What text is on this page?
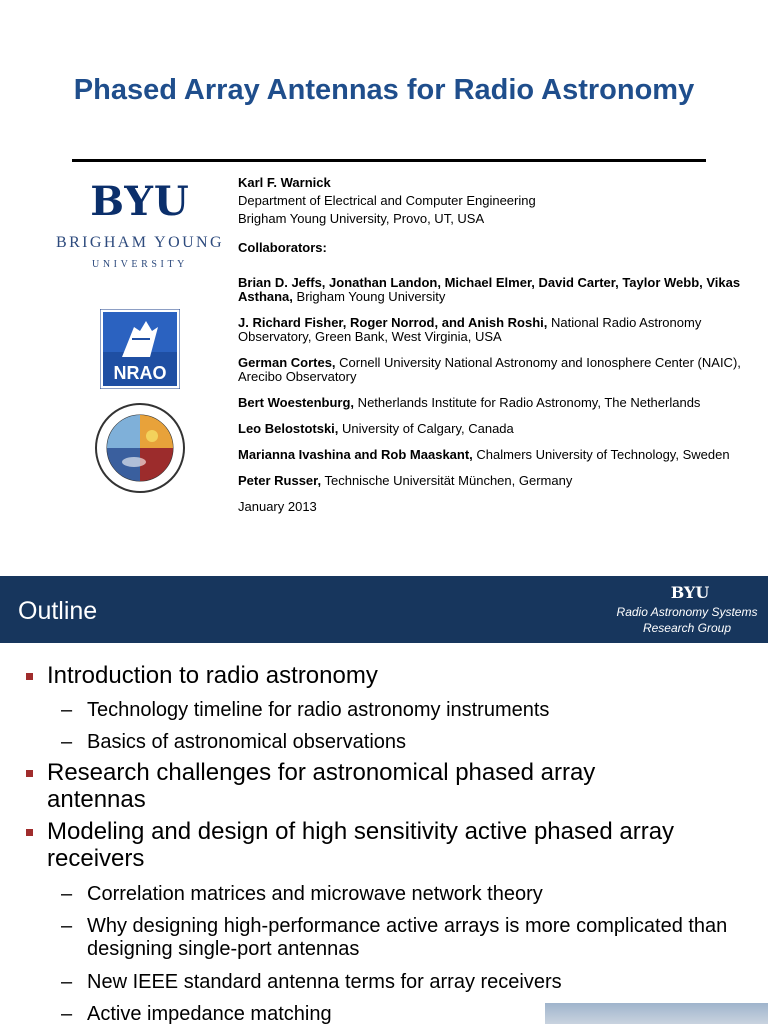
Phased Array Antennas for Radio Astronomy
BYU
BRIGHAM YOUNG
UNIVERSITY
NRAO

Karl F. Warnick

Department of Electrical and Computer Engineering

Brigham Young University, Provo, UT, USA

Collaborators:

Brian D. Jeffs, Jonathan Landon, Michael Elmer, David Carter, Taylor Webb, Vikas Asthana, Brigham Young University

J. Richard Fisher, Roger Norrod, and Anish Roshi, National Radio Astronomy Observatory, Green Bank, West Virginia, USA

German Cortes, Cornell University National Astronomy and Ionosphere Center (NAIC), Arecibo Observatory

Bert Woestenburg, Netherlands Institute for Radio Astronomy, The Netherlands

Leo Belostotski, University of Calgary, Canada

Marianna Ivashina and Rob Maaskant, Chalmers University of Technology, Sweden

Peter Russer, Technische Universität München, Germany

January 2013

Outline
BYU
Radio Astronomy Systems
Research Group
Introduction to radio astronomy
– Technology timeline for radio astronomy instruments
– Basics of astronomical observations
Research challenges for astronomical phased array antennas
Modeling and design of high sensitivity active phased array receivers
– Correlation matrices and microwave network theory
– Why designing high-performance active arrays is more complicated than designing single-port antennas
– New IEEE standard antenna terms for array receivers
– Active impedance matching
